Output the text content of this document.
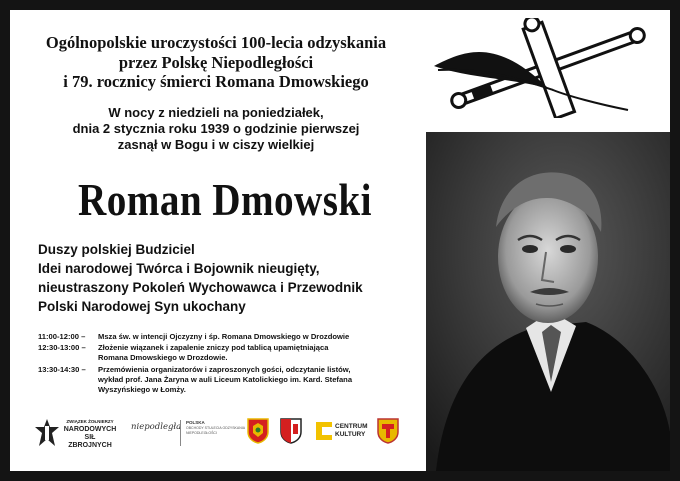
Ogólnopolskie uroczystości 100-lecia odzyskania
przez Polskę Niepodległości
i 79. rocznicy śmierci Romana Dmowskiego
W nocy z niedzieli na poniedziałek,
dnia 2 stycznia roku 1939 o godzinie pierwszej
zasnął w Bogu i w ciszy wielkiej
Roman Dmowski
Duszy polskiej Budziciel
Idei narodowej Twórca i Bojownik nieugięty,
nieustraszony Pokoleń Wychowawca i Przewodnik
Polski Narodowej Syn ukochany
11:00-12:00 –	Msza św. w intencji Ojczyzny i śp. Romana Dmowskiego w Drozdowie
12:30-13:00 –	Złożenie wiązanek i zapalenie zniczy pod tablicą upamiętniająca
Romana Dmowskiego w Drozdowie.
13:30-14:30 –	Przemówienia organizatorów i zaproszonych gości, odczytanie listów,
wykład prof. Jana Żaryna w auli Liceum Katolickiego im. Kard. Stefana
Wyszyńskiego w Łomży.
ZWIĄZEK ŻOŁNIERZY
NARODOWYCH
SIŁ ZBROJNYCH
niepodległa POLSKA
OBCHODY STULECIA ODZYSKANIA
NIEPODLEGŁOŚCI
CENTRUM
KULTURY
